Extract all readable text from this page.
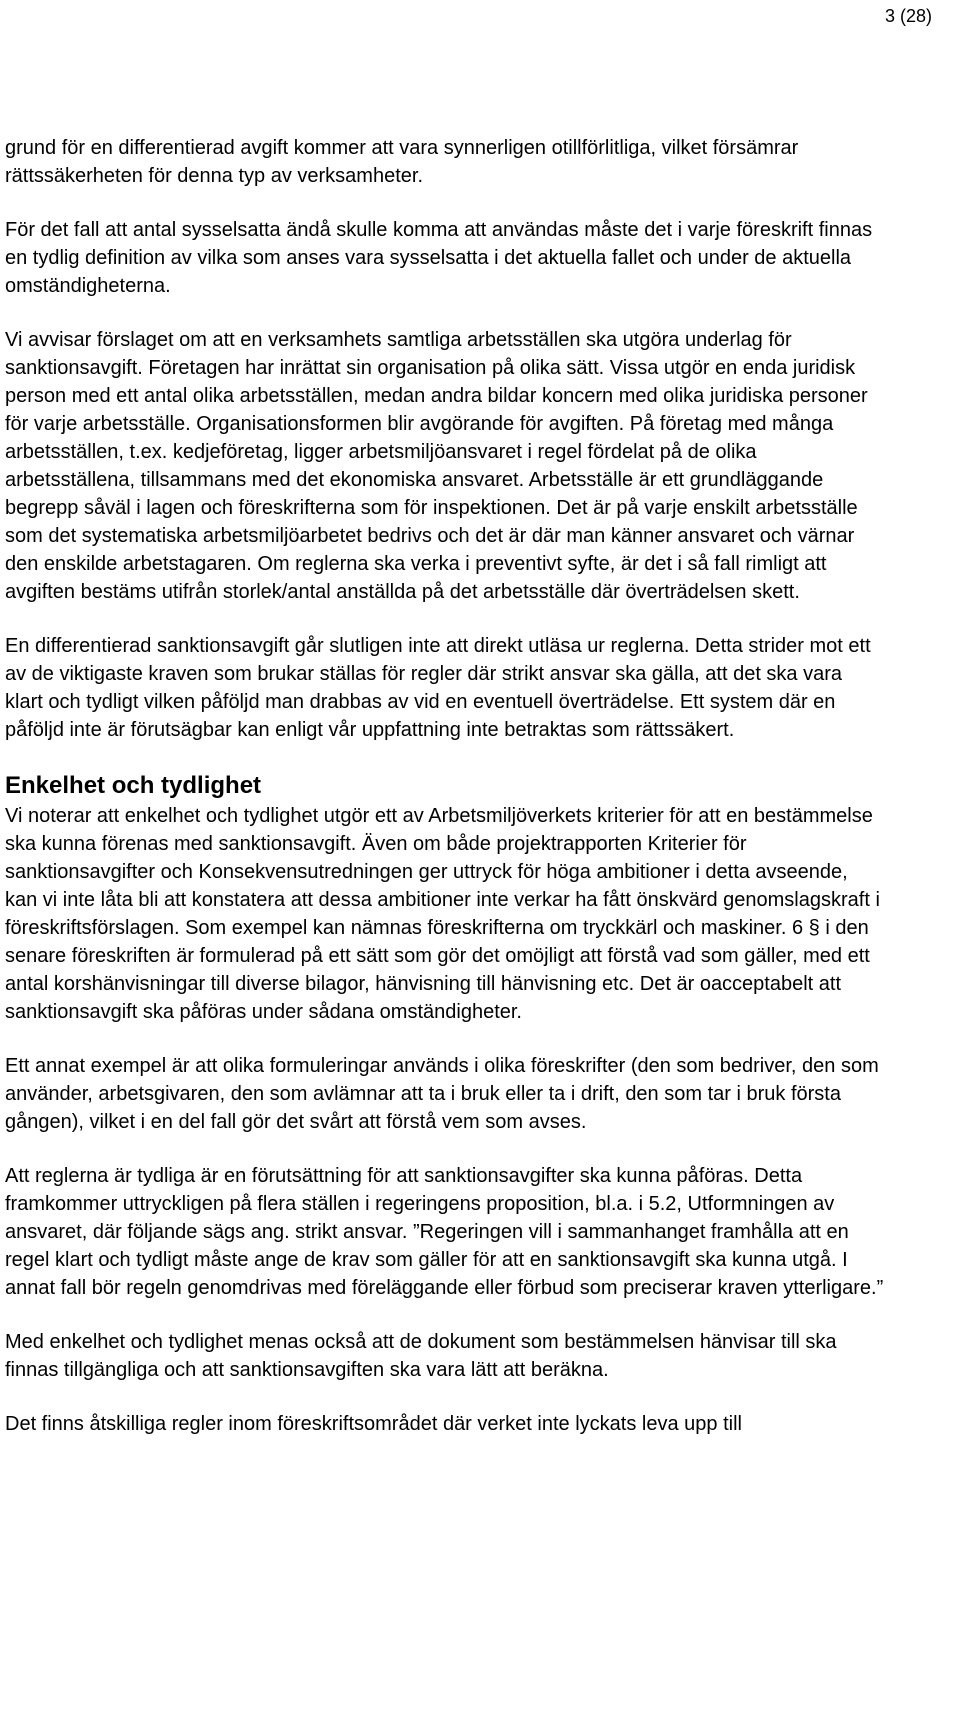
3 (28)

grund för en differentierad avgift kommer att vara synnerligen otillförlitliga, vilket försämrar rättssäkerheten för denna typ av verksamheter.

För det fall att antal sysselsatta ändå skulle komma att användas måste det i varje föreskrift finnas en tydlig definition av vilka som anses vara sysselsatta i det aktuella fallet och under de aktuella omständigheterna.

Vi avvisar förslaget om att en verksamhets samtliga arbetsställen ska utgöra underlag för sanktionsavgift. Företagen har inrättat sin organisation på olika sätt. Vissa utgör en enda juridisk person med ett antal olika arbetsställen, medan andra bildar koncern med olika juridiska personer för varje arbetsställe. Organisationsformen blir avgörande för avgiften. På företag med många arbetsställen, t.ex. kedjeföretag, ligger arbetsmiljöansvaret i regel fördelat på de olika arbetsställena, tillsammans med det ekonomiska ansvaret. Arbetsställe är ett grundläggande begrepp såväl i lagen och föreskrifterna som för inspektionen. Det är på varje enskilt arbetsställe som det systematiska arbetsmiljöarbetet bedrivs och det är där man känner ansvaret och värnar den enskilde arbetstagaren. Om reglerna ska verka i preventivt syfte, är det i så fall rimligt att avgiften bestäms utifrån storlek/antal anställda på det arbetsställe där överträdelsen skett.

En differentierad sanktionsavgift går slutligen inte att direkt utläsa ur reglerna. Detta strider mot ett av de viktigaste kraven som brukar ställas för regler där strikt ansvar ska gälla, att det ska vara klart och tydligt vilken påföljd man drabbas av vid en eventuell överträdelse. Ett system där en påföljd inte är förutsägbar kan enligt vår uppfattning inte betraktas som rättssäkert.

Enkelhet och tydlighet

Vi noterar att enkelhet och tydlighet utgör ett av Arbetsmiljöverkets kriterier för att en bestämmelse ska kunna förenas med sanktionsavgift. Även om både projektrapporten Kriterier för sanktionsavgifter och Konsekvensutredningen ger uttryck för höga ambitioner i detta avseende, kan vi inte låta bli att konstatera att dessa ambitioner inte verkar ha fått önskvärd genomslagskraft i föreskriftsförslagen. Som exempel kan nämnas föreskrifterna om tryckkärl och maskiner. 6 § i den senare föreskriften är formulerad på ett sätt som gör det omöjligt att förstå vad som gäller, med ett antal korshänvisningar till diverse bilagor, hänvisning till hänvisning etc. Det är oacceptabelt att sanktionsavgift ska påföras under sådana omständigheter.

Ett annat exempel är att olika formuleringar används i olika föreskrifter (den som bedriver, den som använder, arbetsgivaren, den som avlämnar att ta i bruk eller ta i drift, den som tar i bruk första gången), vilket i en del fall gör det svårt att förstå vem som avses.

Att reglerna är tydliga är en förutsättning för att sanktionsavgifter ska kunna påföras. Detta framkommer uttryckligen på flera ställen i regeringens proposition, bl.a. i 5.2, Utformningen av ansvaret, där följande sägs ang. strikt ansvar. ”Regeringen vill i sammanhanget framhålla att en regel klart och tydligt måste ange de krav som gäller för att en sanktionsavgift ska kunna utgå. I annat fall bör regeln genomdrivas med föreläggande eller förbud som preciserar kraven ytterligare.”

Med enkelhet och tydlighet menas också att de dokument som bestämmelsen hänvisar till ska finnas tillgängliga och att sanktionsavgiften ska vara lätt att beräkna.

Det finns åtskilliga regler inom föreskriftsområdet där verket inte lyckats leva upp till
